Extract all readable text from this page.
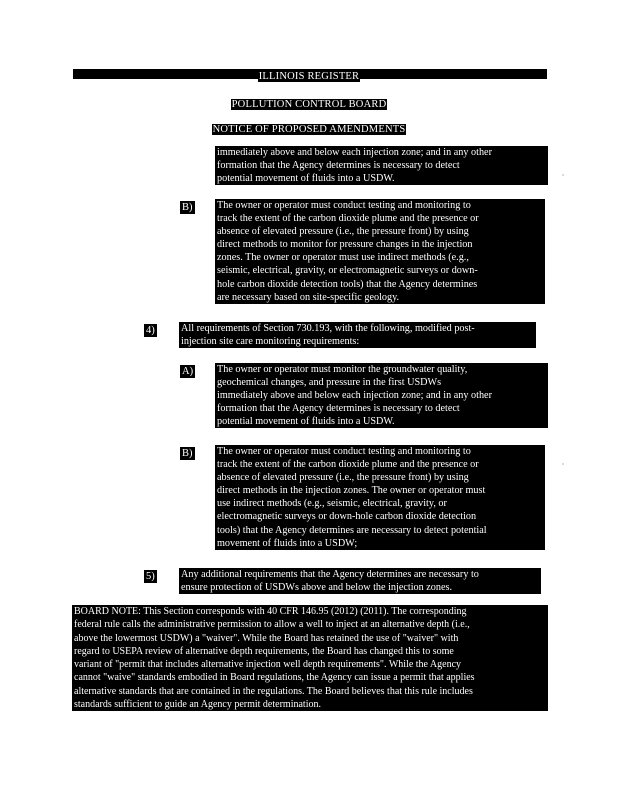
ILLINOIS REGISTER
POLLUTION CONTROL BOARD
NOTICE OF PROPOSED AMENDMENTS
immediately above and below each injection zone; and in any other
formation that the Agency determines is necessary to detect
potential movement of fluids into a USDW.
B) The owner or operator must conduct testing and monitoring to
track the extent of the carbon dioxide plume and the presence or
absence of elevated pressure (i.e., the pressure front) by using
direct methods to monitor for pressure changes in the injection
zones. The owner or operator must use indirect methods (e.g.,
seismic, electrical, gravity, or electromagnetic surveys or down-
hole carbon dioxide detection tools) that the Agency determines
are necessary based on site-specific geology.
4)	All requirements of Section 730.193, with the following, modified post-
injection site care monitoring requirements:
A) The owner or operator must monitor the groundwater quality,
geochemical changes, and pressure in the first USDWs
immediately above and below each injection zone; and in any other
formation that the Agency determines is necessary to detect
potential movement of fluids into a USDW.
B) The owner or operator must conduct testing and monitoring to
track the extent of the carbon dioxide plume and the presence or
absence of elevated pressure (i.e., the pressure front) by using
direct methods in the injection zones. The owner or operator must
use indirect methods (e.g., seismic, electrical, gravity, or
electromagnetic surveys or down-hole carbon dioxide detection
tools) that the Agency determines are necessary to detect potential
movement of fluids into a USDW;
5)	Any additional requirements that the Agency determines are necessary to
ensure protection of USDWs above and below the injection zones.
BOARD NOTE: This Section corresponds with 40 CFR 146.95 (2012) (2011). The corresponding
federal rule calls the administrative permission to allow a well to inject at an alternative depth (i.e.,
above the lowermost USDW) a "waiver". While the Board has retained the use of "waiver" with
regard to USEPA review of alternative depth requirements, the Board has changed this to some
variant of "permit that includes alternative injection well depth requirements". While the Agency
cannot "waive" standards embodied in Board regulations, the Agency can issue a permit that applies
alternative standards that are contained in the regulations. The Board believes that this rule includes
standards sufficient to guide an Agency permit determination.
